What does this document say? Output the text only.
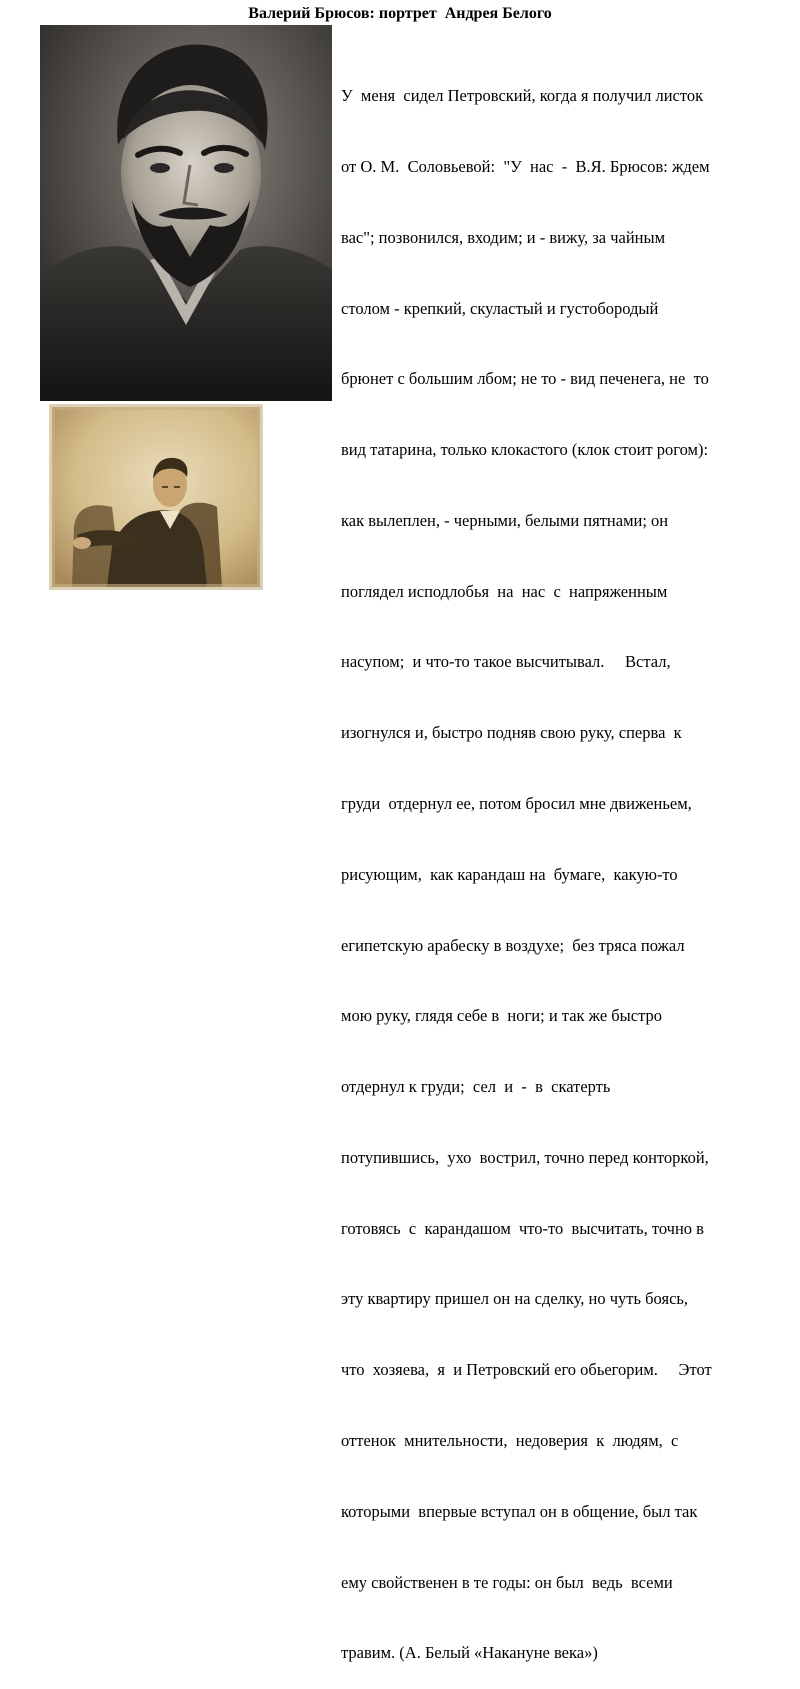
Валерий Брюсов: портрет  Андрея Белого

У  меня  сидел Петровский, когда я получил листок

от О. М.  Соловьевой:  "У  нас  -  В.Я. Брюсов: ждем

вас"; позвонился, входим; и - вижу, за чайным

столом - крепкий, скуластый и густобородый

брюнет с большим лбом; не то - вид печенега, не  то

вид татарина, только клокастого (клок стоит рогом):

как вылеплен, - черными, белыми пятнами; он

поглядел исподлобья  на  нас  с  напряженным

насупом;  и что-то такое высчитывал.     Встал,

изогнулся и, быстро подняв свою руку, сперва  к

груди  отдернул ее, потом бросил мне движеньем,

рисующим,  как карандаш на  бумаге,  какую-то

египетскую арабеску в воздухе;  без тряса пожал

мою руку, глядя себе в  ноги; и так же быстро

отдернул к груди;  сел  и  -  в  скатерть

потупившись,  ухо  вострил, точно перед конторкой,

готовясь  с  карандашом  что-то  высчитать, точно в

эту квартиру пришел он на сделку, но чуть боясь,

что  хозяева,  я  и Петровский его обьегорим.     Этот

оттенок  мнительности,  недоверия  к  людям,  с

которыми  впервые вступал он в общение, был так

ему свойственен в те годы: он был  ведь  всеми

травим. (А. Белый «Накануне века»)
